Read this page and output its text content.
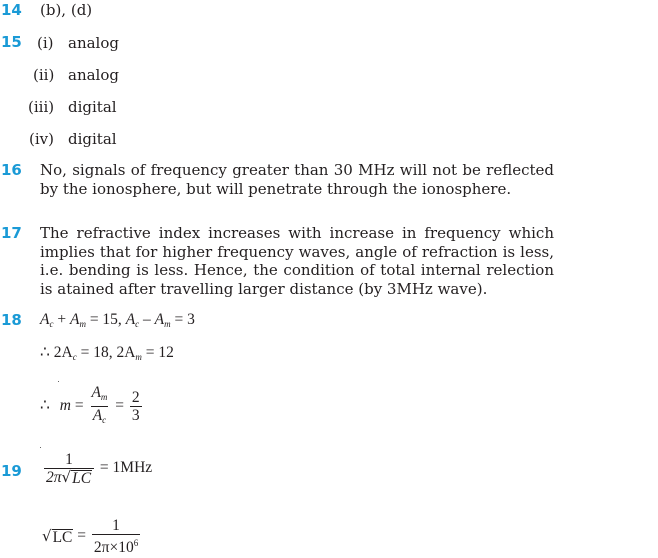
14 (b), (d)
15 (i) analog
(ii) analog
(iii) digital
(iv) digital
16 No, signals of frequency greater than 30 MHz will not be reflected by the ionosphere, but will penetrate through the ionosphere.
17 The refractive index increases with increase in frequency which implies that for higher frequency waves, angle of refraction is less, i.e. bending is less. Hence, the condition of total internal relection is atained after travelling larger distance (by 3MHz wave).
18 $A_c + A_m = 15$, $A_c - A_m = 3$
∴ $2A_c = 18$, $2A_m = 12$
∴ $m = \frac{A_m}{A_c} = \frac{2}{3}$
$19 \frac{1}{2\pi √ LC} = 1MHz$
√ LC = $\frac{1}{2\pi\times 10^6}$
